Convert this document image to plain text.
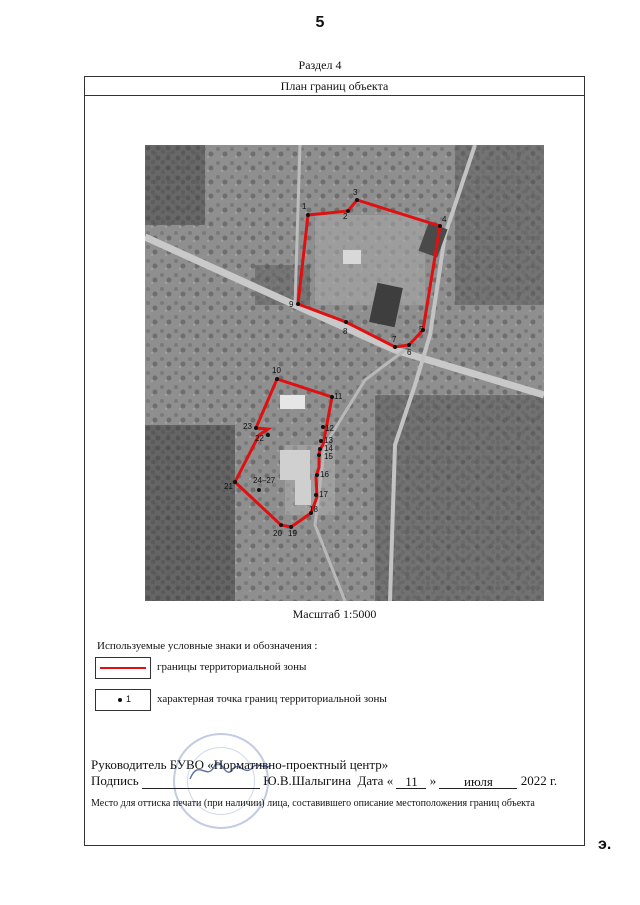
5
Раздел 4
План границ объекта
1
2
3
4
5
6
7
8
9
10
11
12
13
14
15
16
17
18
19
20
21
22
23
24–27
Масштаб 1:5000
Используемые условные знаки и обозначения :
границы территориальной зоны
1 характерная точка границ территориальной зоны
Руководитель БУВО «Нормативно-проектный центр»
Подпись	Ю.В.Шалыгина Дата « 11 » июля 2022 г.
Место для оттиска печати (при наличии) лица, составившего описание местоположения границ объекта
э.
